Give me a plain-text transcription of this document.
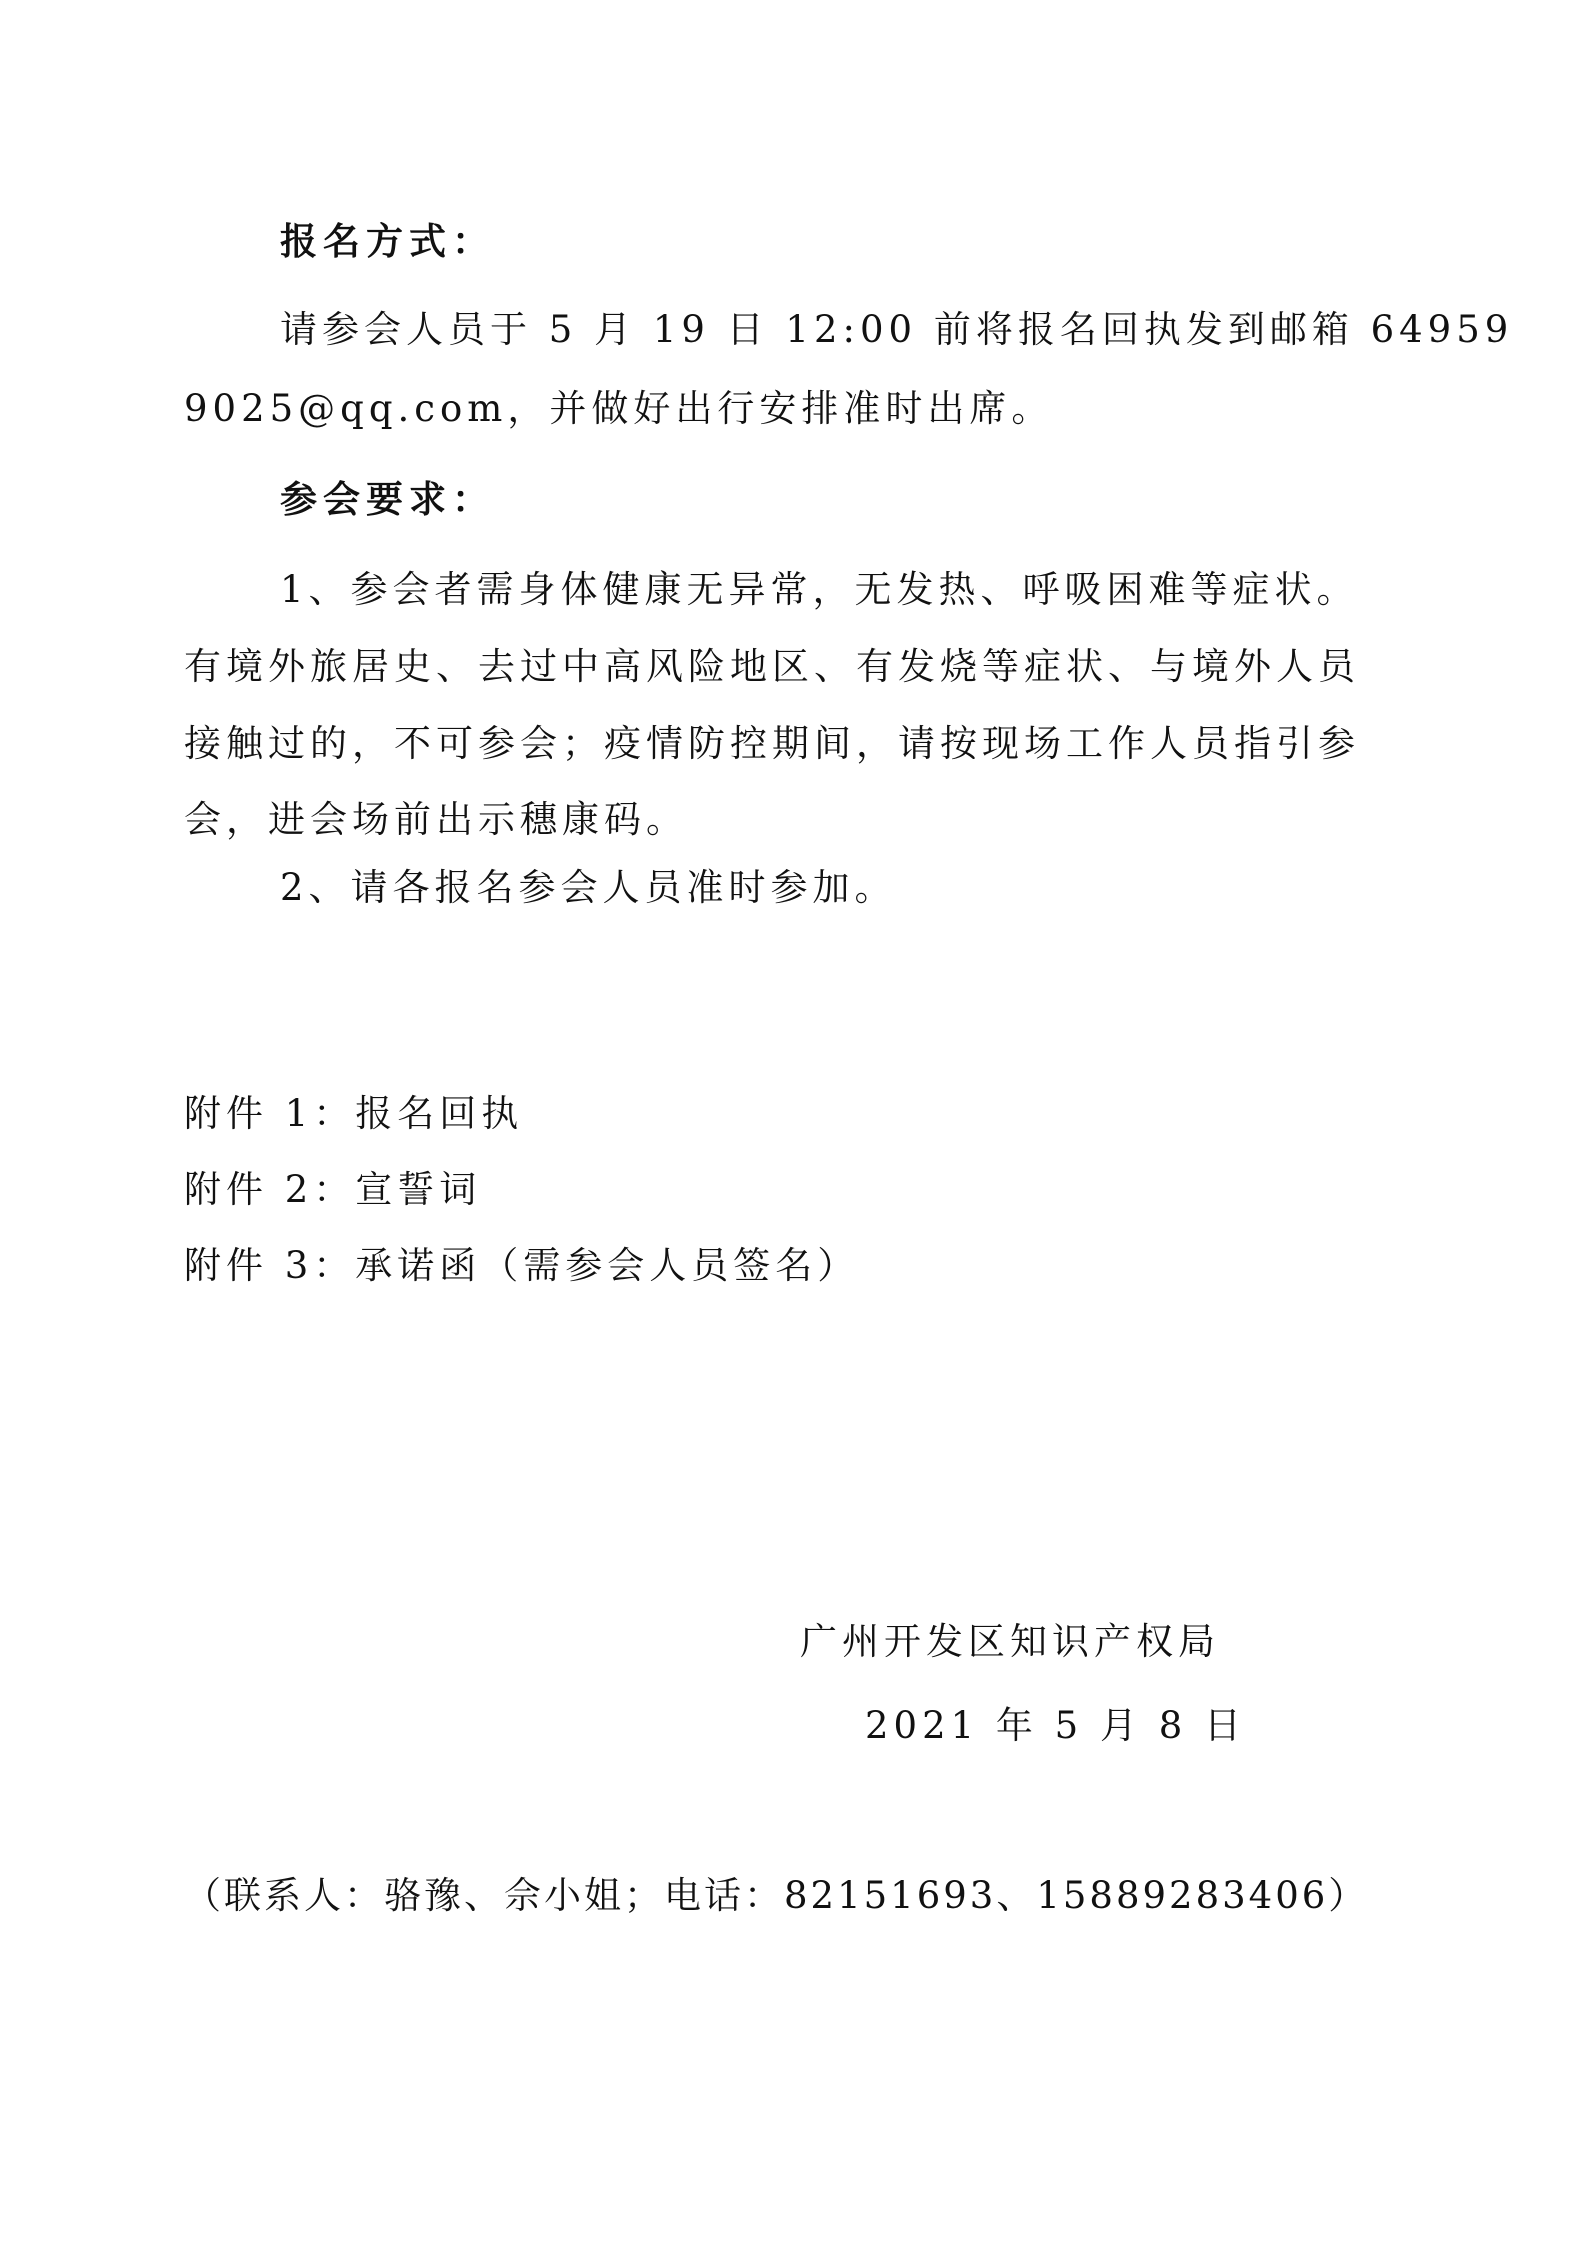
报名方式：
请参会人员于 5 月 19 日 12:00 前将报名回执发到邮箱 64959
9025@qq.com，并做好出行安排准时出席。
参会要求：
1、参会者需身体健康无异常，无发热、呼吸困难等症状。
有境外旅居史、去过中高风险地区、有发烧等症状、与境外人员
接触过的，不可参会；疫情防控期间，请按现场工作人员指引参
会，进会场前出示穗康码。
2、请各报名参会人员准时参加。
附件 1：报名回执
附件 2：宣誓词
附件 3：承诺函（需参会人员签名）
广州开发区知识产权局
2021 年 5 月 8 日
（联系人：骆豫、佘小姐；电话：82151693、15889283406）
